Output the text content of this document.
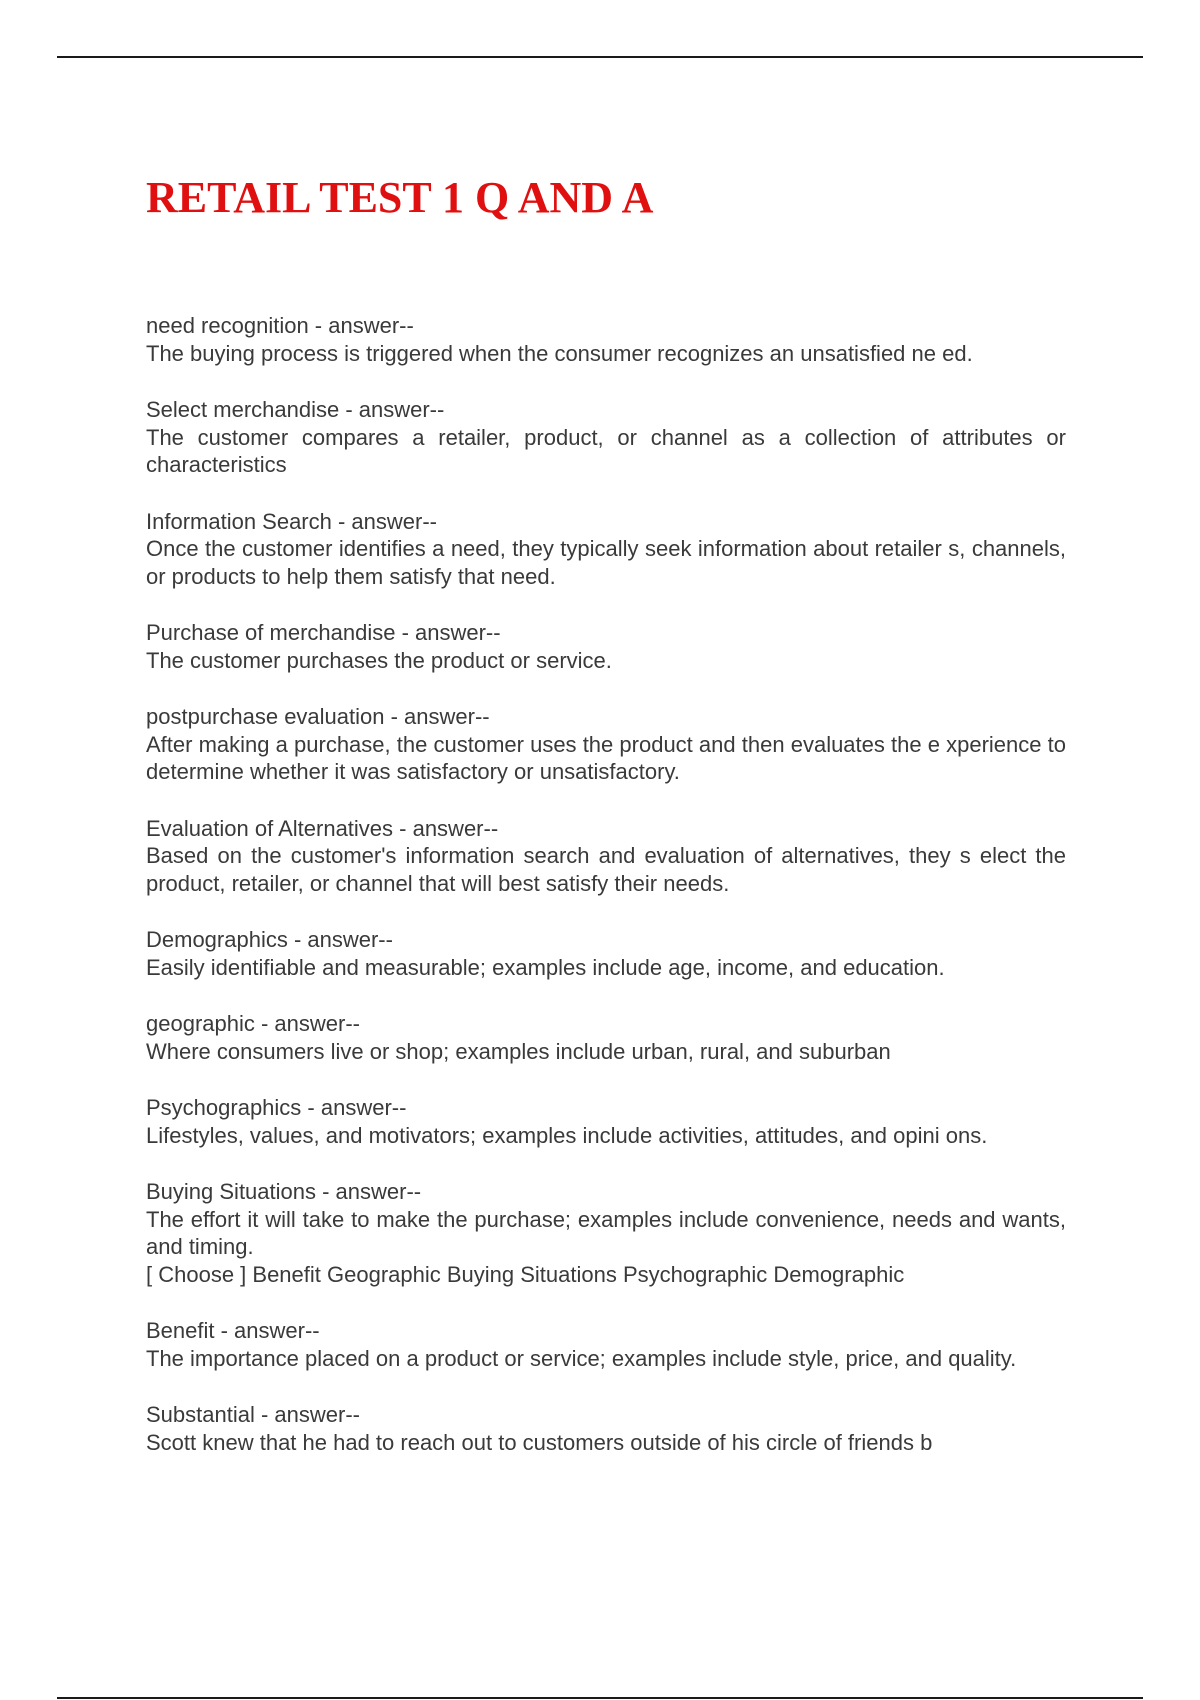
RETAIL TEST 1 Q AND A

need recognition - answer--

The buying process is triggered when the consumer recognizes an unsatisfied ne ed.

Select merchandise - answer--

The customer compares a retailer, product, or channel as a collection of attributes or characteristics

Information Search - answer--

Once the customer identifies a need, they typically seek information about retailer s, channels, or products to help them satisfy that need.

Purchase of merchandise - answer--

The customer purchases the product or service.

postpurchase evaluation - answer--

After making a purchase, the customer uses the product and then evaluates the e xperience to determine whether it was satisfactory or unsatisfactory.

Evaluation of Alternatives - answer--

Based on the customer's information search and evaluation of alternatives, they s elect the product, retailer, or channel that will best satisfy their needs.

Demographics - answer--

Easily identifiable and measurable; examples include age, income, and education.

geographic - answer--

Where consumers live or shop; examples include urban, rural, and suburban

Psychographics - answer--

Lifestyles, values, and motivators; examples include activities, attitudes, and opini ons.

Buying Situations - answer--

The effort it will take to make the purchase; examples include convenience, needs and wants, and timing.

[ Choose ] Benefit Geographic Buying Situations Psychographic Demographic

Benefit - answer--

The importance placed on a product or service; examples include style, price, and quality.

Substantial - answer--

Scott knew that he had to reach out to customers outside of his circle of friends b
